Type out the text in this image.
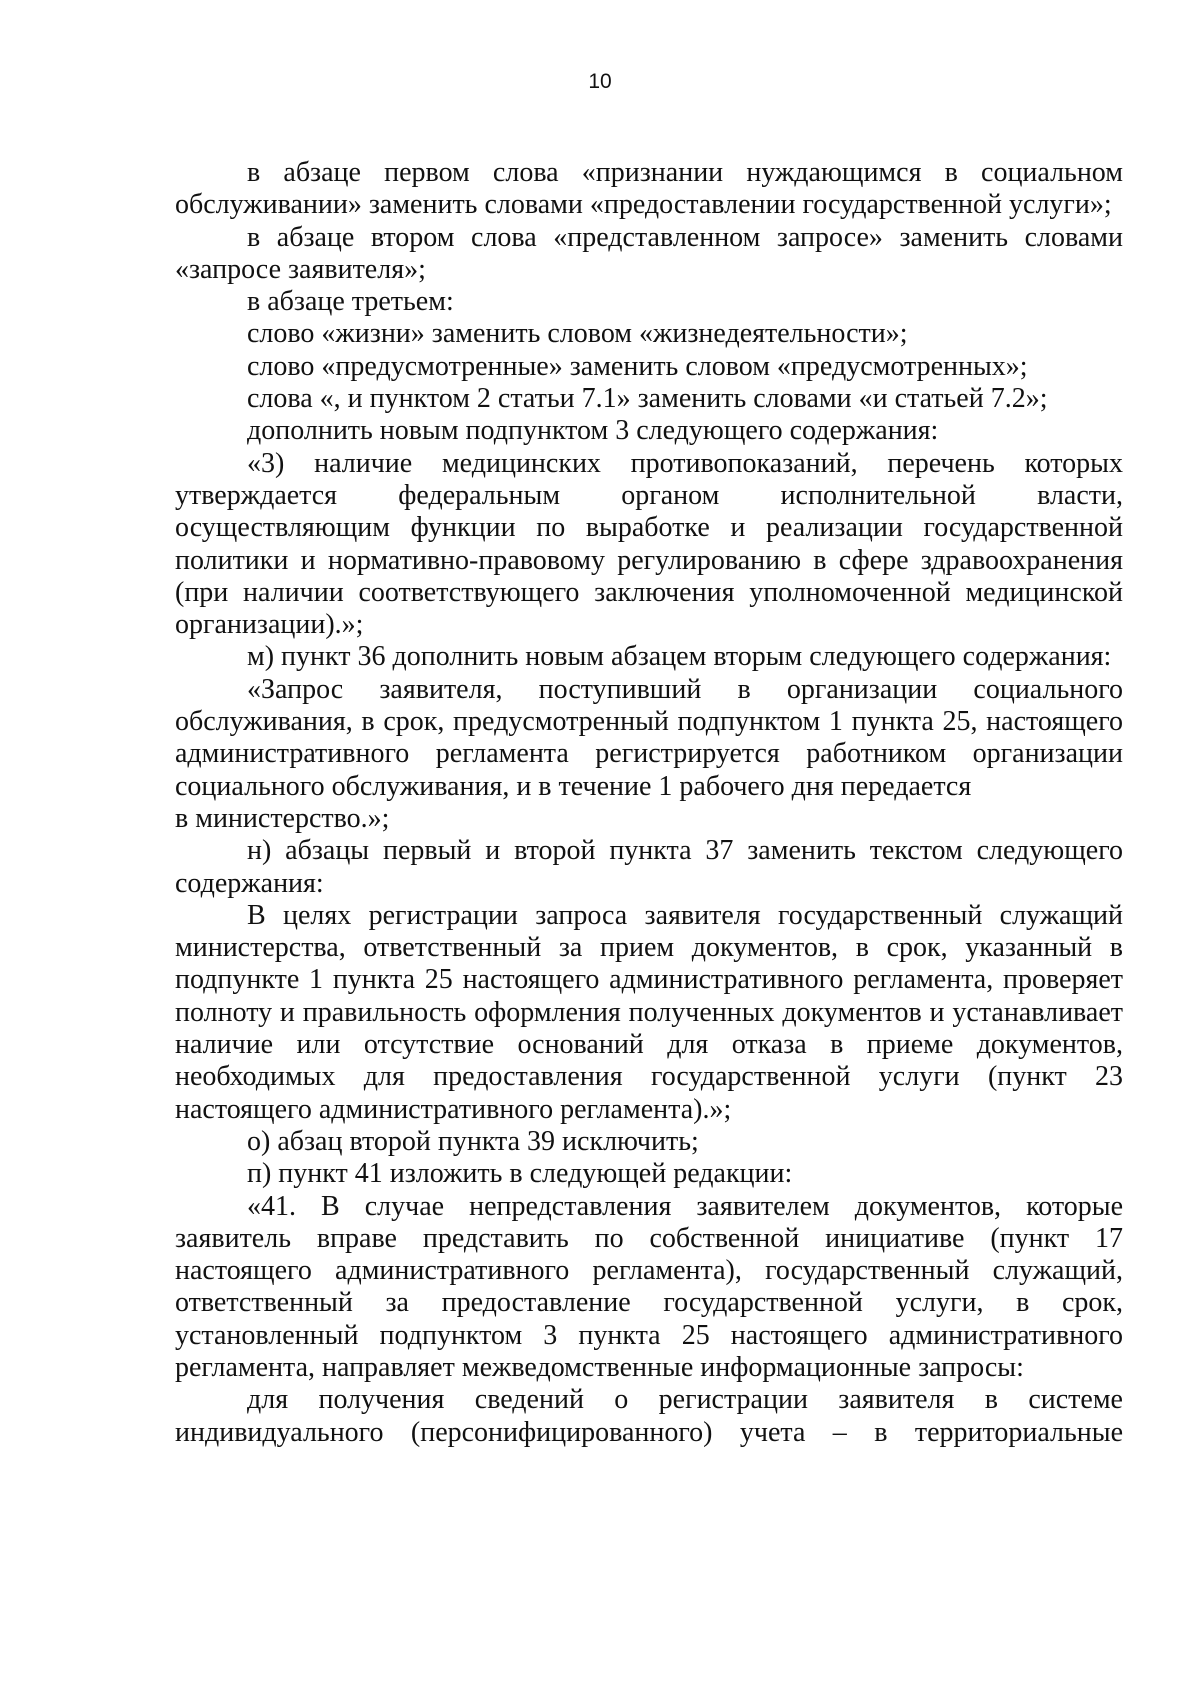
10

в абзаце первом слова «признании нуждающимся в социальном обслуживании» заменить словами «предоставлении государственной услуги»;

в абзаце втором слова «представленном запросе» заменить словами «запросе заявителя»;

в абзаце третьем:

слово «жизни» заменить словом «жизнедеятельности»;

слово «предусмотренные» заменить словом «предусмотренных»;

слова «, и пунктом 2 статьи 7.1» заменить словами «и статьей 7.2»;

дополнить новым подпунктом 3 следующего содержания:

«3) наличие медицинских противопоказаний, перечень которых утверждается федеральным органом исполнительной власти, осуществляющим функции по выработке и реализации государственной политики и нормативно-правовому регулированию в сфере здравоохранения (при наличии соответствующего заключения уполномоченной медицинской организации).»;

м) пункт 36 дополнить новым абзацем вторым следующего содержания:

«Запрос заявителя, поступивший в организации социального обслуживания, в срок, предусмотренный подпунктом 1 пункта 25, настоящего административного регламента регистрируется работником организации социального обслуживания, и в течение 1 рабочего дня передается

в министерство.»;

н) абзацы первый и второй пункта 37 заменить текстом следующего содержания:

В целях регистрации запроса заявителя государственный служащий министерства, ответственный за прием документов, в срок, указанный в подпункте 1 пункта 25 настоящего административного регламента, проверяет полноту и правильность оформления полученных документов и устанавливает наличие или отсутствие оснований для отказа в приеме документов, необходимых для предоставления государственной услуги (пункт 23 настоящего административного регламента).»;

о) абзац второй пункта 39 исключить;

п) пункт 41 изложить в следующей редакции:

«41. В случае непредставления заявителем документов, которые заявитель вправе представить по собственной инициативе (пункт 17 настоящего административного регламента), государственный служащий, ответственный за предоставление государственной услуги, в срок, установленный подпунктом 3 пункта 25 настоящего административного регламента, направляет межведомственные информационные запросы:

для получения сведений о регистрации заявителя в системе индивидуального (персонифицированного) учета – в территориальные
